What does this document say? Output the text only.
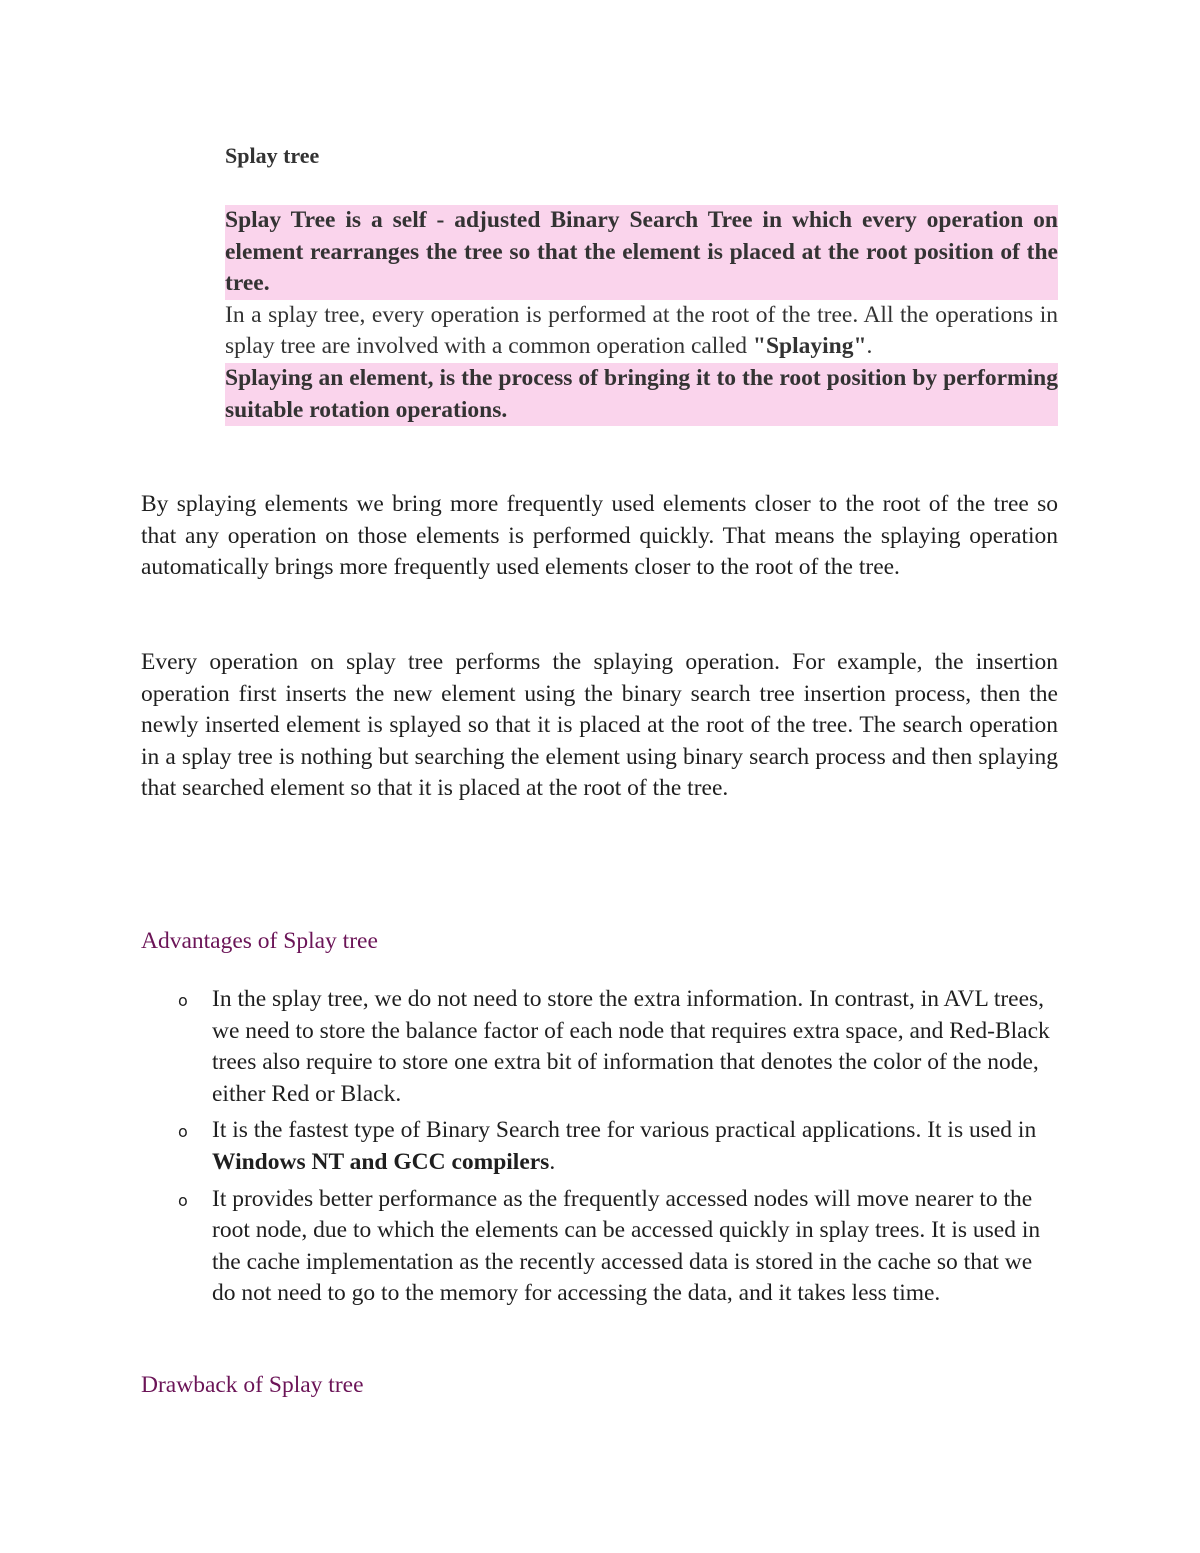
Splay tree

Splay Tree is a self - adjusted Binary Search Tree in which every operation on element rearranges the tree so that the element is placed at the root position of the tree.

In a splay tree, every operation is performed at the root of the tree. All the operations in splay tree are involved with a common operation called "Splaying".

Splaying an element, is the process of bringing it to the root position by performing suitable rotation operations.

By splaying elements we bring more frequently used elements closer to the root of the tree so that any operation on those elements is performed quickly. That means the splaying operation automatically brings more frequently used elements closer to the root of the tree.

Every operation on splay tree performs the splaying operation. For example, the insertion operation first inserts the new element using the binary search tree insertion process, then the newly inserted element is splayed so that it is placed at the root of the tree. The search operation in a splay tree is nothing but searching the element using binary search process and then splaying that searched element so that it is placed at the root of the tree.

Advantages of Splay tree
o In the splay tree, we do not need to store the extra information. In contrast, in AVL trees, we need to store the balance factor of each node that requires extra space, and Red-Black trees also require to store one extra bit of information that denotes the color of the node, either Red or Black.
o It is the fastest type of Binary Search tree for various practical applications. It is used in Windows NT and GCC compilers.
o It provides better performance as the frequently accessed nodes will move nearer to the root node, due to which the elements can be accessed quickly in splay trees. It is used in the cache implementation as the recently accessed data is stored in the cache so that we do not need to go to the memory for accessing the data, and it takes less time.
Drawback of Splay tree
